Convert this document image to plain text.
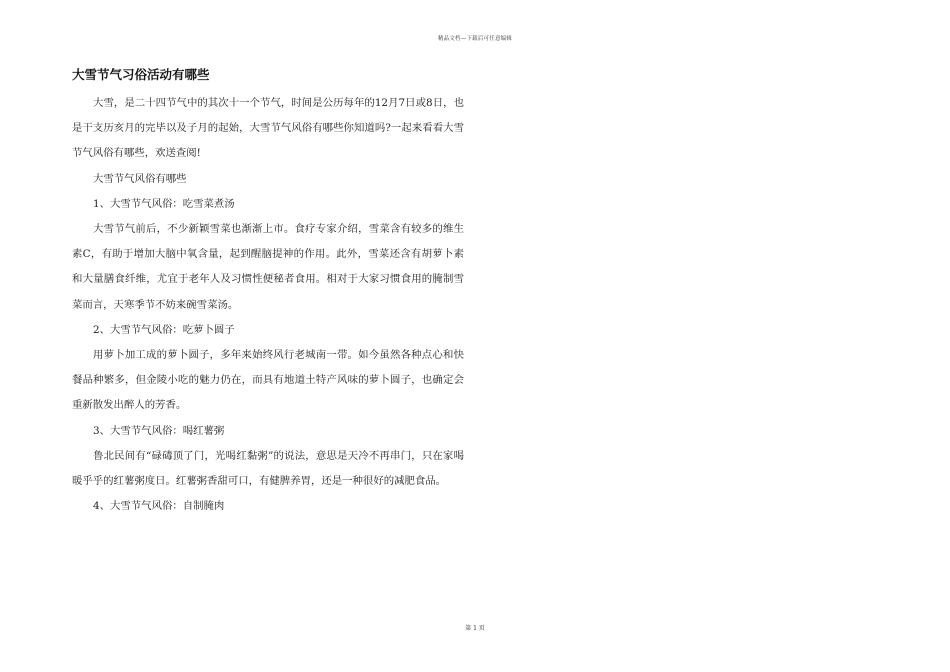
精品文档—下载后可任意编辑
大雪节气习俗活动有哪些

大雪，是二十四节气中的其次十一个节气，时间是公历每年的12月7日或8日，也是干支历亥月的完毕以及子月的起始，大雪节气风俗有哪些你知道吗?一起来看看大雪节气风俗有哪些，欢送查阅!

大雪节气风俗有哪些

1、大雪节气风俗：吃雪菜煮汤

大雪节气前后，不少新颖雪菜也渐渐上市。食疗专家介绍，雪菜含有较多的维生素C，有助于增加大脑中氧含量，起到醒脑提神的作用。此外，雪菜还含有胡萝卜素和大量膳食纤维，尤宜于老年人及习惯性便秘者食用。相对于大家习惯食用的腌制雪菜而言，天寒季节不妨来碗雪菜汤。

2、大雪节气风俗：吃萝卜圆子

用萝卜加工成的萝卜圆子，多年来始终风行老城南一带。如今虽然各种点心和快餐品种繁多，但金陵小吃的魅力仍在，而具有地道土特产风味的萝卜圆子，也确定会重新散发出醉人的芳香。

3、大雪节气风俗：喝红薯粥

鲁北民间有“碌碡顶了门，光喝红黏粥”的说法，意思是天冷不再串门，只在家喝暖乎乎的红薯粥度日。红薯粥香甜可口，有健脾养胃，还是一种很好的减肥食品。

4、大雪节气风俗：自制腌肉

第 1 页
